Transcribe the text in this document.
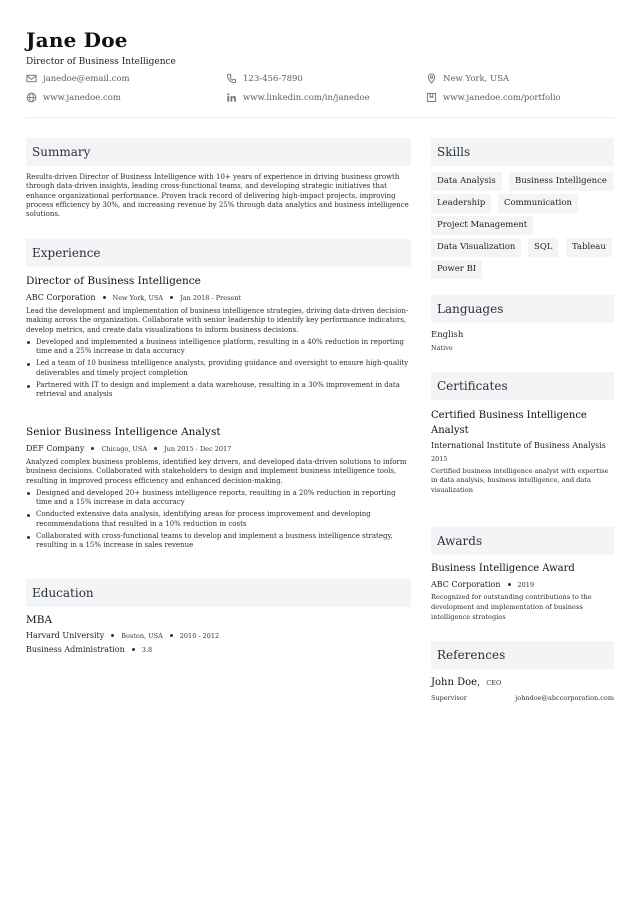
Jane Doe
Director of Business Intelligence
janedoe@email.com	123-456-7890	New York, USA
www.janedoe.com	www.linkedin.com/in/janedoe	www.janedoe.com/portfolio
Summary
Results-driven Director of Business Intelligence with 10+ years of experience in driving business growth through data-driven insights, leading cross-functional teams, and developing strategic initiatives that enhance organizational performance. Proven track record of delivering high-impact projects, improving process efficiency by 30%, and increasing revenue by 25% through data analytics and business intelligence solutions.
Experience
Director of Business Intelligence
ABC Corporation	New York, USA	Jan 2018 - Present
Lead the development and implementation of business intelligence strategies, driving data-driven decision-making across the organization. Collaborate with senior leadership to identify key performance indicators, develop metrics, and create data visualizations to inform business decisions.
Developed and implemented a business intelligence platform, resulting in a 40% reduction in reporting time and a 25% increase in data accuracy
Led a team of 10 business intelligence analysts, providing guidance and oversight to ensure high-quality deliverables and timely project completion
Partnered with IT to design and implement a data warehouse, resulting in a 30% improvement in data retrieval and analysis
Senior Business Intelligence Analyst
DEF Company	Chicago, USA	Jun 2015 - Dec 2017
Analyzed complex business problems, identified key drivers, and developed data-driven solutions to inform business decisions. Collaborated with stakeholders to design and implement business intelligence tools, resulting in improved process efficiency and enhanced decision-making.
Designed and developed 20+ business intelligence reports, resulting in a 20% reduction in reporting time and a 15% increase in data accuracy
Conducted extensive data analysis, identifying areas for process improvement and developing recommendations that resulted in a 10% reduction in costs
Collaborated with cross-functional teams to develop and implement a business intelligence strategy, resulting in a 15% increase in sales revenue
Education
MBA
Harvard University	Boston, USA	2010 - 2012
Business Administration	3.8
Skills
Data Analysis	Business Intelligence
Leadership	Communication
Project Management
Data Visualization	SQL	Tableau
Power BI
Languages
English
Native
Certificates
Certified Business Intelligence Analyst
International Institute of Business Analysis
2015
Certified business intelligence analyst with expertise in data analysis, business intelligence, and data visualization
Awards
Business Intelligence Award
ABC Corporation	2019
Recognized for outstanding contributions to the development and implementation of business intelligence strategies
References
John Doe, CEO
Supervisor	johndoe@abccorporation.com
